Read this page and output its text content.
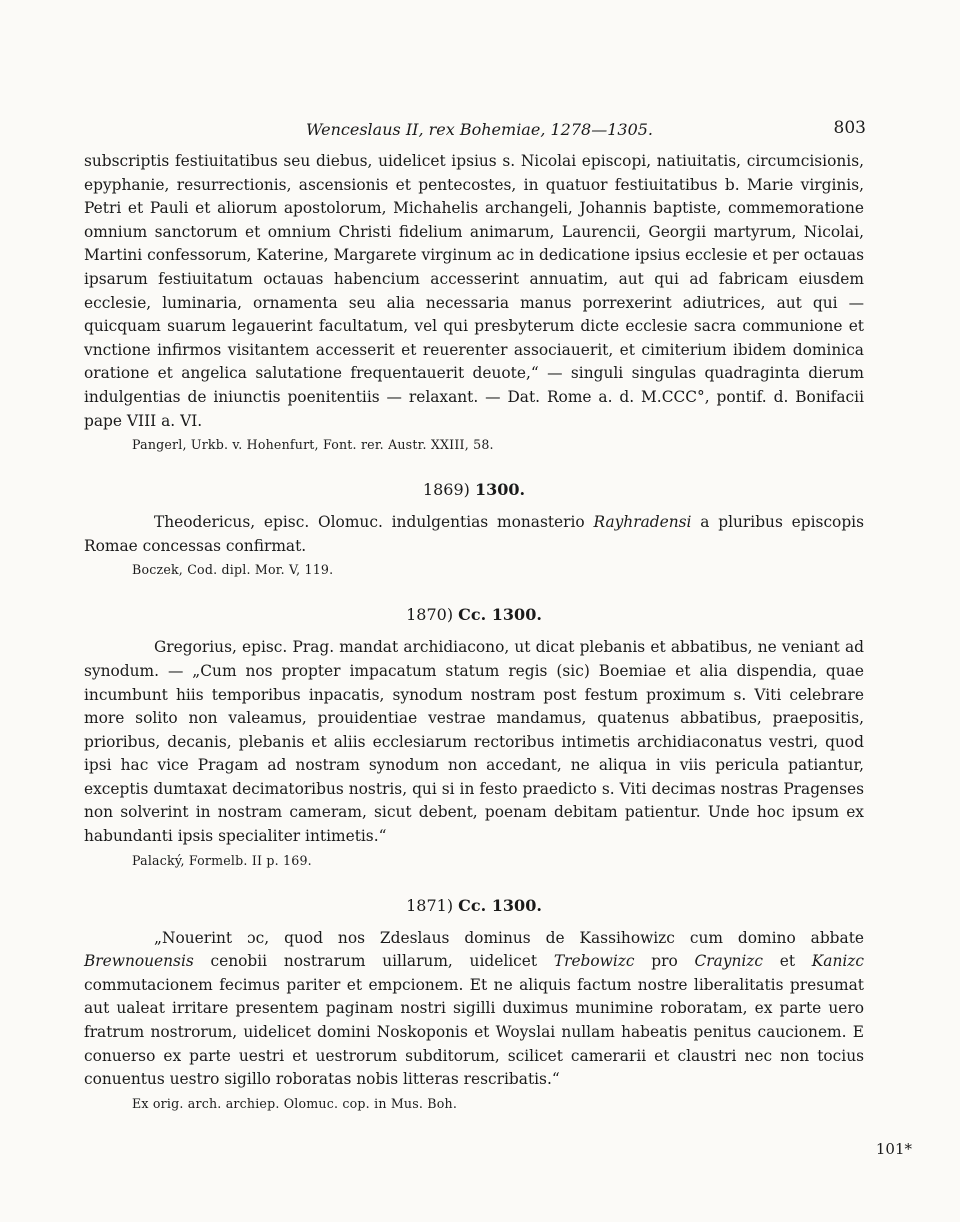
Wenceslaus II, rex Bohemiae, 1278—1305.	803

subscriptis festiuitatibus seu diebus, uidelicet ipsius s. Nicolai episcopi, natiuitatis, circumcisionis, epyphanie, resurrectionis, ascensionis et pentecostes, in quatuor festiuitatibus b. Marie virginis, Petri et Pauli et aliorum apostolorum, Michahelis archangeli, Johannis baptiste, commemoratione omnium sanctorum et omnium Christi fidelium animarum, Laurencii, Georgii martyrum, Nicolai, Martini confessorum, Katerine, Margarete virginum ac in dedicatione ipsius ecclesie et per octauas ipsarum festiuitatum octauas habencium accesserint annuatim, aut qui ad fabricam eiusdem ecclesie, luminaria, ornamenta seu alia necessaria manus porrexerint adiutrices, aut qui — quicquam suarum legauerint facultatum, vel qui presbyterum dicte ecclesie sacra communione et vnctione infirmos visitantem accesserit et reuerenter associauerit, et cimiterium ibidem dominica oratione et angelica salutatione frequentauerit deuote,“ — singuli singulas quadraginta dierum indulgentias de iniunctis poenitentiis — relaxant. — Dat. Rome a. d. M.CCC°, pontif. d. Bonifacii pape VIII a. VI.

Pangerl, Urkb. v. Hohenfurt, Font. rer. Austr. XXIII, 58.
1869) 1300.

Theodericus, episc. Olomuc. indulgentias monasterio Rayhradensi a pluribus episcopis Romae concessas confirmat.

Boczek, Cod. dipl. Mor. V, 119.
1870) Cc. 1300.

Gregorius, episc. Prag. mandat archidiacono, ut dicat plebanis et abbatibus, ne veniant ad synodum. — „Cum nos propter impacatum statum regis (sic) Boemiae et alia dispendia, quae incumbunt hiis temporibus inpacatis, synodum nostram post festum proximum s. Viti celebrare more solito non valeamus, prouidentiae vestrae mandamus, quatenus abbatibus, praepositis, prioribus, decanis, plebanis et aliis ecclesiarum rectoribus intimetis archidiaconatus vestri, quod ipsi hac vice Pragam ad nostram synodum non accedant, ne aliqua in viis pericula patiantur, exceptis dumtaxat decimatoribus nostris, qui si in festo praedicto s. Viti decimas nostras Pragenses non solverint in nostram cameram, sicut debent, poenam debitam patientur. Unde hoc ipsum ex habundanti ipsis specialiter intimetis.“

Palacký, Formelb. II p. 169.
1871) Cc. 1300.

„Nouerint ɔc, quod nos Zdeslaus dominus de Kassihowizc cum domino abbate Brewnouensis cenobii nostrarum uillarum, uidelicet Trebowizc pro Craynizc et Kanizc commutacionem fecimus pariter et empcionem. Et ne aliquis factum nostre liberalitatis presumat aut ualeat irritare presentem paginam nostri sigilli duximus munimine roboratam, ex parte uero fratrum nostrorum, uidelicet domini Noskoponis et Woyslai nullam habeatis penitus caucionem. E conuerso ex parte uestri et uestrorum subditorum, scilicet camerarii et claustri nec non tocius conuentus uestro sigillo roboratas nobis litteras rescribatis.“

Ex orig. arch. archiep. Olomuc. cop. in Mus. Boh.
101*
